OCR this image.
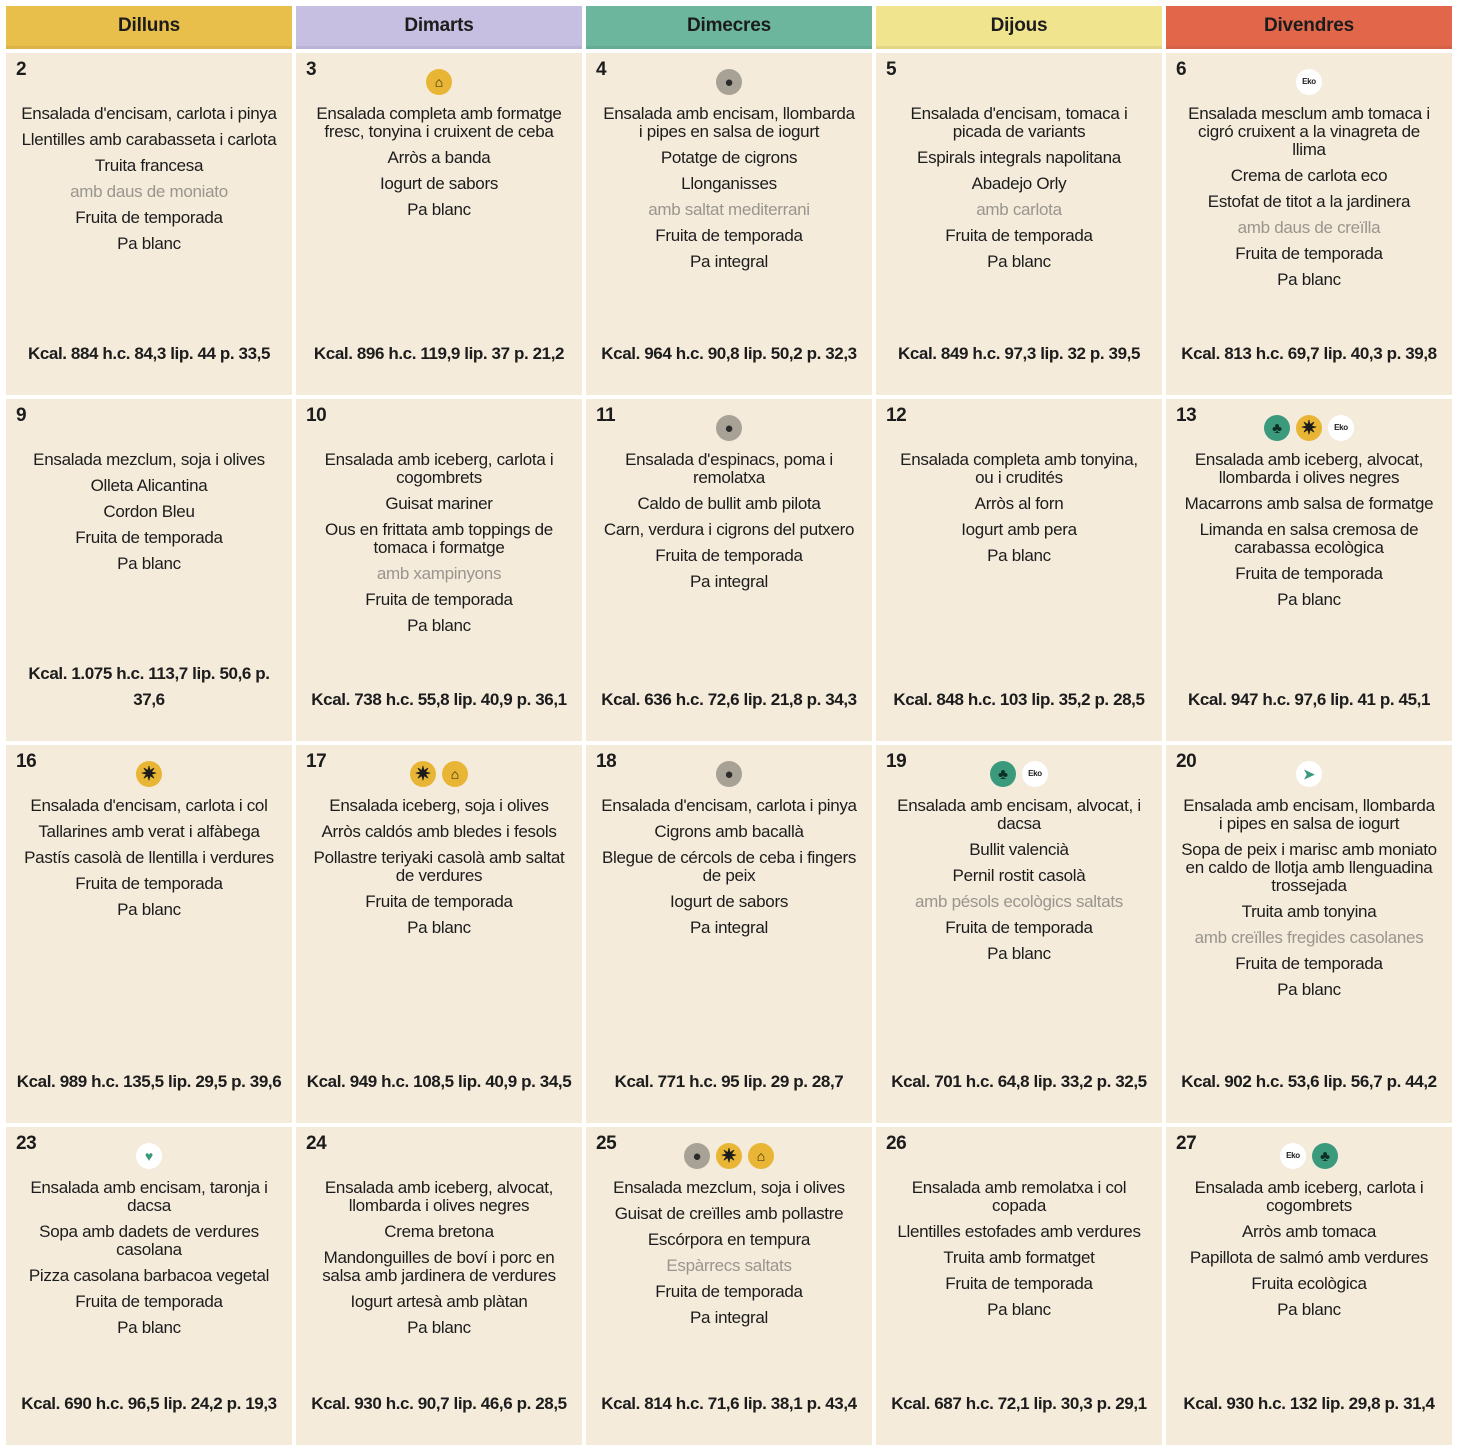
Dilluns	Dimarts	Dimecres	Dijous	Divendres
2
Ensalada d'encisam, carlota i pinya
Llentilles amb carabasseta i carlota
Truita francesa
amb daus de moniato
Fruita de temporada
Pa blanc
Kcal. 884 h.c. 84,3 lip. 44 p. 33,5
3
⌂
Ensalada completa amb formatge fresc, tonyina i cruixent de ceba
Arròs a banda
Iogurt de sabors
Pa blanc
Kcal. 896 h.c. 119,9 lip. 37 p. 21,2
4
●
Ensalada amb encisam, llombarda i pipes en salsa de iogurt
Potatge de cigrons
Llonganisses
amb saltat mediterrani
Fruita de temporada
Pa integral
Kcal. 964 h.c. 90,8 lip. 50,2 p. 32,3
5
Ensalada d'encisam, tomaca i picada de variants
Espirals integrals napolitana
Abadejo Orly
amb carlota
Fruita de temporada
Pa blanc
Kcal. 849 h.c. 97,3 lip. 32 p. 39,5
6
Eko
Ensalada mesclum amb tomaca i cigró cruixent a la vinagreta de llima
Crema de carlota eco
Estofat de titot a la jardinera
amb daus de creïlla
Fruita de temporada
Pa blanc
Kcal. 813 h.c. 69,7 lip. 40,3 p. 39,8
9
Ensalada mezclum, soja i olives
Olleta Alicantina
Cordon Bleu
Fruita de temporada
Pa blanc
Kcal. 1.075 h.c. 113,7 lip. 50,6 p. 37,6
10
Ensalada amb iceberg, carlota i cogombrets
Guisat mariner
Ous en frittata amb toppings de tomaca i formatge
amb xampinyons
Fruita de temporada
Pa blanc
Kcal. 738 h.c. 55,8 lip. 40,9 p. 36,1
11
●
Ensalada d'espinacs, poma i remolatxa
Caldo de bullit amb pilota
Carn, verdura i cigrons del putxero
Fruita de temporada
Pa integral
Kcal. 636 h.c. 72,6 lip. 21,8 p. 34,3
12
Ensalada completa amb tonyina, ou i crudités
Arròs al forn
Iogurt amb pera
Pa blanc
Kcal. 848 h.c. 103 lip. 35,2 p. 28,5
13
♣	✷	Eko
Ensalada amb iceberg, alvocat, llombarda i olives negres
Macarrons amb salsa de formatge
Limanda en salsa cremosa de carabassa ecològica
Fruita de temporada
Pa blanc
Kcal. 947 h.c. 97,6 lip. 41 p. 45,1
16
✷
Ensalada d'encisam, carlota i col
Tallarines amb verat i alfàbega
Pastís casolà de llentilla i verdures
Fruita de temporada
Pa blanc
Kcal. 989 h.c. 135,5 lip. 29,5 p. 39,6
17
✷	⌂
Ensalada iceberg, soja i olives
Arròs caldós amb bledes i fesols
Pollastre teriyaki casolà amb saltat de verdures
Fruita de temporada
Pa blanc
Kcal. 949 h.c. 108,5 lip. 40,9 p. 34,5
18
●
Ensalada d'encisam, carlota i pinya
Cigrons amb bacallà
Blegue de cércols de ceba i fingers de peix
Iogurt de sabors
Pa integral
Kcal. 771 h.c. 95 lip. 29 p. 28,7
19
♣	Eko
Ensalada amb encisam, alvocat, i dacsa
Bullit valencià
Pernil rostit casolà
amb pésols ecològics saltats
Fruita de temporada
Pa blanc
Kcal. 701 h.c. 64,8 lip. 33,2 p. 32,5
20
➤
Ensalada amb encisam, llombarda i pipes en salsa de iogurt
Sopa de peix i marisc amb moniato en caldo de llotja amb llenguadina trossejada
Truita amb tonyina
amb creïlles fregides casolanes
Fruita de temporada
Pa blanc
Kcal. 902 h.c. 53,6 lip. 56,7 p. 44,2
23
♥
Ensalada amb encisam, taronja i dacsa
Sopa amb dadets de verdures casolana
Pizza casolana barbacoa vegetal
Fruita de temporada
Pa blanc
Kcal. 690 h.c. 96,5 lip. 24,2 p. 19,3
24
Ensalada amb iceberg, alvocat, llombarda i olives negres
Crema bretona
Mandonguilles de boví i porc en salsa amb jardinera de verdures
Iogurt artesà amb plàtan
Pa blanc
Kcal. 930 h.c. 90,7 lip. 46,6 p. 28,5
25
●	✷	⌂
Ensalada mezclum, soja i olives
Guisat de creïlles amb pollastre
Escórpora en tempura
Espàrrecs saltats
Fruita de temporada
Pa integral
Kcal. 814 h.c. 71,6 lip. 38,1 p. 43,4
26
Ensalada amb remolatxa i col copada
Llentilles estofades amb verdures
Truita amb formatget
Fruita de temporada
Pa blanc
Kcal. 687 h.c. 72,1 lip. 30,3 p. 29,1
27
Eko	♣
Ensalada amb iceberg, carlota i cogombrets
Arròs amb tomaca
Papillota de salmó amb verdures
Fruita ecològica
Pa blanc
Kcal. 930 h.c. 132 lip. 29,8 p. 31,4
